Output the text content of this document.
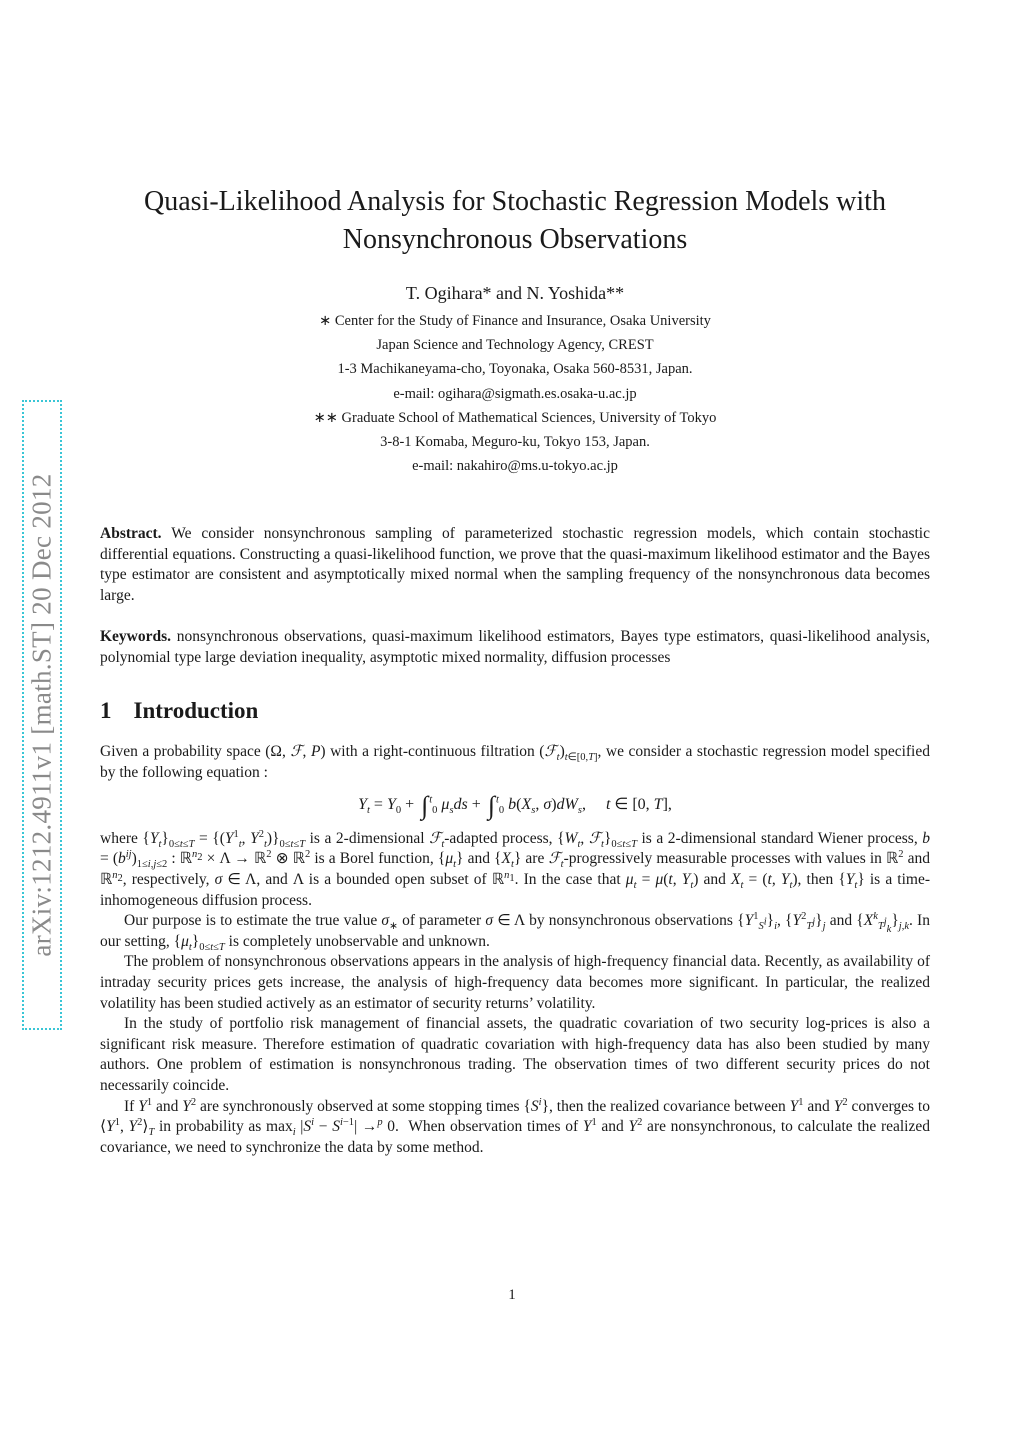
arXiv:1212.4911v1 [math.ST] 20 Dec 2012
Quasi-Likelihood Analysis for Stochastic Regression Models with
Nonsynchronous Observations
T. Ogihara* and N. Yoshida**
∗ Center for the Study of Finance and Insurance, Osaka University
Japan Science and Technology Agency, CREST
1-3 Machikaneyama-cho, Toyonaka, Osaka 560-8531, Japan.
e-mail: ogihara@sigmath.es.osaka-u.ac.jp
∗∗ Graduate School of Mathematical Sciences, University of Tokyo
3-8-1 Komaba, Meguro-ku, Tokyo 153, Japan.
e-mail: nakahiro@ms.u-tokyo.ac.jp
Abstract. We consider nonsynchronous sampling of parameterized stochastic regression models, which contain stochastic differential equations. Constructing a quasi-likelihood function, we prove that the quasi-maximum likelihood estimator and the Bayes type estimator are consistent and asymptotically mixed normal when the sampling frequency of the nonsynchronous data becomes large.
Keywords. nonsynchronous observations, quasi-maximum likelihood estimators, Bayes type estimators, quasi-likelihood analysis, polynomial type large deviation inequality, asymptotic mixed normality, diffusion processes
1 Introduction

Given a probability space (Ω, ℱ, P) with a right-continuous filtration $(ℱ_t)_{t\in[0,T]}$, we consider a stochastic regression model specified by the following equation :

$Y_t = Y_0 + \int^t_0$ $\mu_sds + \int^t_0$ $b(X_s$, $\sigma)dW_s$,     t ∈ [0, T],

where $\{Y_t\}_{0\le t\le T} = \{(Y^1_t$, $Y^2_t)\}_{0\le t\le T}$ is a 2-dimensional ℱ$_t$-adapted process, {$W_t$, $ℱ_t\}_{0\le t\le T}$ is a 2-dimensional standard Wiener process, $b = (b^{ij})_{1\le i,j\le 2}$ : ℝ$^{n_2}$ × Λ → ℝ$^2$ ⊗ ℝ$^2$ is a Borel function, $\{\mu_t\}$ and $\{X_t\}$ are ℱ$_t$-progressively measurable processes with values in ℝ$^2$ and ℝ$^{n_2}$, respectively, σ ∈ Λ, and Λ is a bounded open subset of ℝ$^{n_1}$. In the case that $\mu_t = \mu(t$, $Y_t$) and $X_t = (t$, $Y_t$), then $\{Y_t\}$ is a time-inhomogeneous diffusion process.

Our purpose is to estimate the true value $\sigma_∗$ of parameter σ ∈ Λ by nonsynchronous observations $\{Y^1_{S^i}\}_i$, $\{Y^2_{T^j}\}_j$ and $\{X^k_{T^j_k}\}_{j,k}$. In our setting, $\{\mu_t\}_{0\le t\le T}$ is completely unobservable and unknown.

The problem of nonsynchronous observations appears in the analysis of high-frequency financial data. Recently, as availability of intraday security prices gets increase, the analysis of high-frequency data becomes more significant. In particular, the realized volatility has been studied actively as an estimator of security returns’ volatility.

In the study of portfolio risk management of financial assets, the quadratic covariation of two security log-prices is also a significant risk measure. Therefore estimation of quadratic covariation with high-frequency data has also been studied by many authors. One problem of estimation is nonsynchronous trading. The observation times of two different security prices do not necessarily coincide.

If $Y^1$ and $Y^2$ are synchronously observed at some stopping times $\{S^i\}$, then the realized covariance between $Y^1$ and $Y^2$ converges to $⟨Y^1$, $Y^2⟩_T$ in probability as $\max_i |S^i - S^{i-1}| \to^p$ 0.  When observation times of $Y^1$ and $Y^2$ are nonsynchronous, to calculate the realized covariance, we need to synchronize the data by some method.

1
